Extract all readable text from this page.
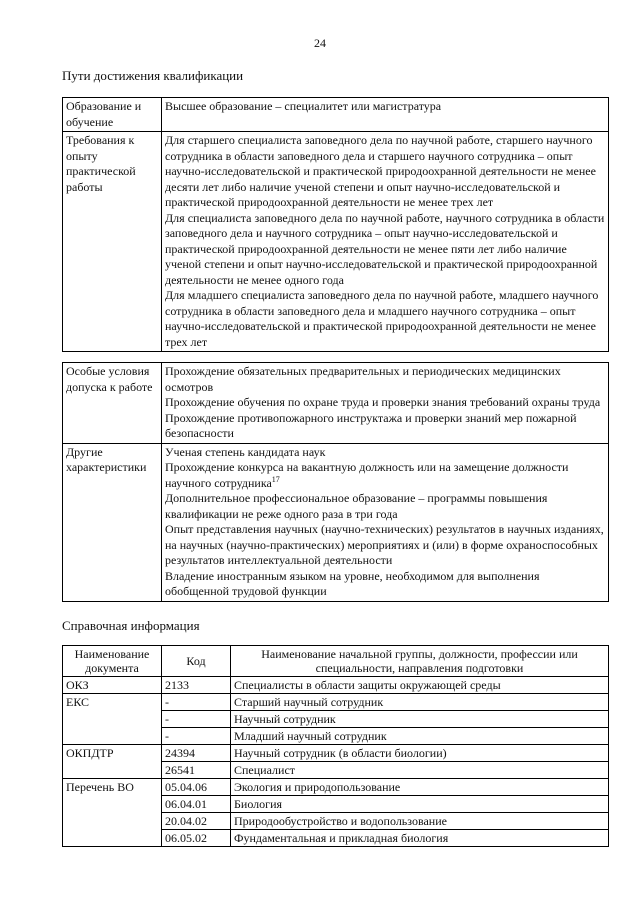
24
Пути достижения квалификации
Образование и обучение	Высшее образование – специалитет или магистратура

Требования к опыту практической работы	Для старшего специалиста заповедного дела по научной работе, старшего научного сотрудника в области заповедного дела и старшего научного сотрудника – опыт научно-исследовательской и практической природоохранной деятельности не менее десяти лет либо наличие ученой степени и опыт научно-исследовательской и практической природоохранной деятельности не менее трех лет
Для специалиста заповедного дела по научной работе, научного сотрудника в области заповедного дела и научного сотрудника – опыт научно-исследовательской и практической природоохранной деятельности не менее пяти лет либо наличие ученой степени и опыт научно-исследовательской и практической природоохранной деятельности не менее одного года
Для младшего специалиста заповедного дела по научной работе, младшего научного сотрудника в области заповедного дела и младшего научного сотрудника – опыт научно-исследовательской и практической природоохранной деятельности не менее трех лет
Особые условия допуска к работе	Прохождение обязательных предварительных и периодических медицинских осмотров
Прохождение обучения по охране труда и проверки знания требований охраны труда
Прохождение противопожарного инструктажа и проверки знаний мер пожарной безопасности

Другие характеристики	Ученая степень кандидата наук
Прохождение конкурса на вакантную должность или на замещение должности научного сотрудника$^{17}$
Дополнительное профессиональное образование – программы повышения квалификации не реже одного раза в три года
Опыт представления научных (научно-технических) результатов в научных изданиях, на научных (научно-практических) мероприятиях и (или) в форме охраноспособных результатов интеллектуальной деятельности
Владение иностранным языком на уровне, необходимом для выполнения обобщенной трудовой функции
Справочная информация
Наименование документа	Код	Наименование начальной группы, должности, профессии или специальности, направления подготовки
ОКЗ	2133	Специалисты в области защиты окружающей среды
ЕКС	-	Старший научный сотрудник
	-	Научный сотрудник
	-	Младший научный сотрудник
ОКПДТР	24394	Научный сотрудник (в области биологии)
	26541	Специалист
Перечень ВО	05.04.06	Экология и природопользование
	06.04.01	Биология
	20.04.02	Природообустройство и водопользование
	06.05.02	Фундаментальная и прикладная биология
